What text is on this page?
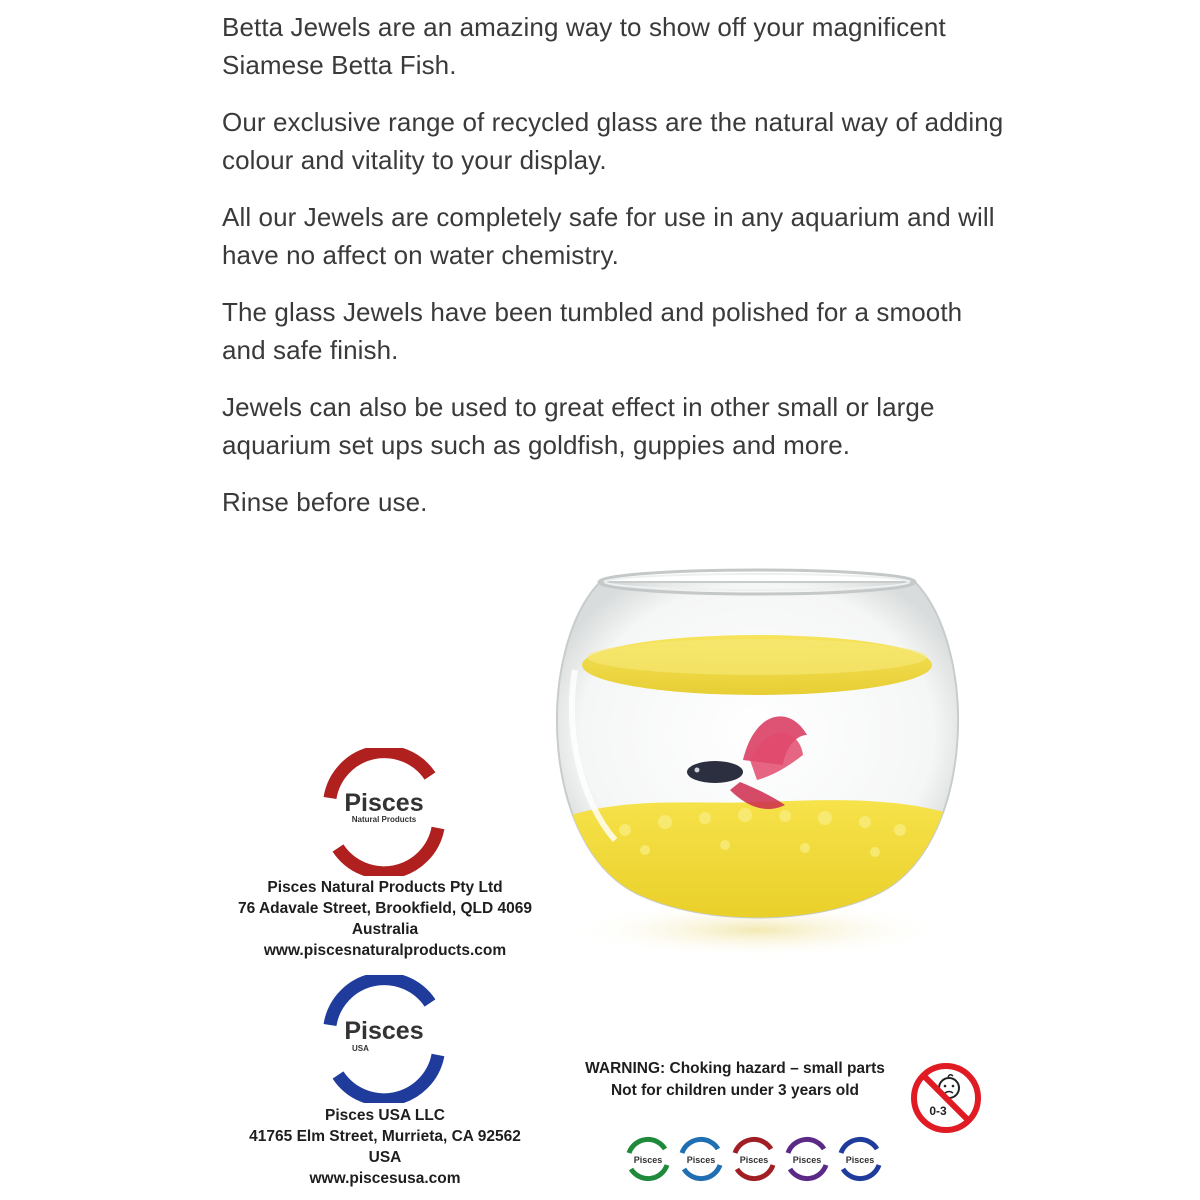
Betta Jewels are an amazing way to show off your magnificent Siamese Betta Fish.

Our exclusive range of recycled glass are the natural way of adding colour and vitality to your display.

All our Jewels are completely safe for use in any aquarium and will have no affect on water chemistry.

The glass Jewels have been tumbled and polished for a smooth and safe finish.

Jewels can also be used to great effect in other small or large aquarium set ups such as goldfish, guppies and more.

Rinse before use.

Pisces
Natural Products
Pisces Natural Products Pty Ltd
76 Adavale Street, Brookfield, QLD 4069
Australia
www.piscesnaturalproducts.com
Pisces
USA
Pisces USA LLC
41765 Elm Street, Murrieta, CA 92562
USA
www.piscesusa.com
WARNING: Choking hazard – small parts
Not for children under 3 years old
0-3
Pisces	Pisces	Pisces	Pisces	Pisces
